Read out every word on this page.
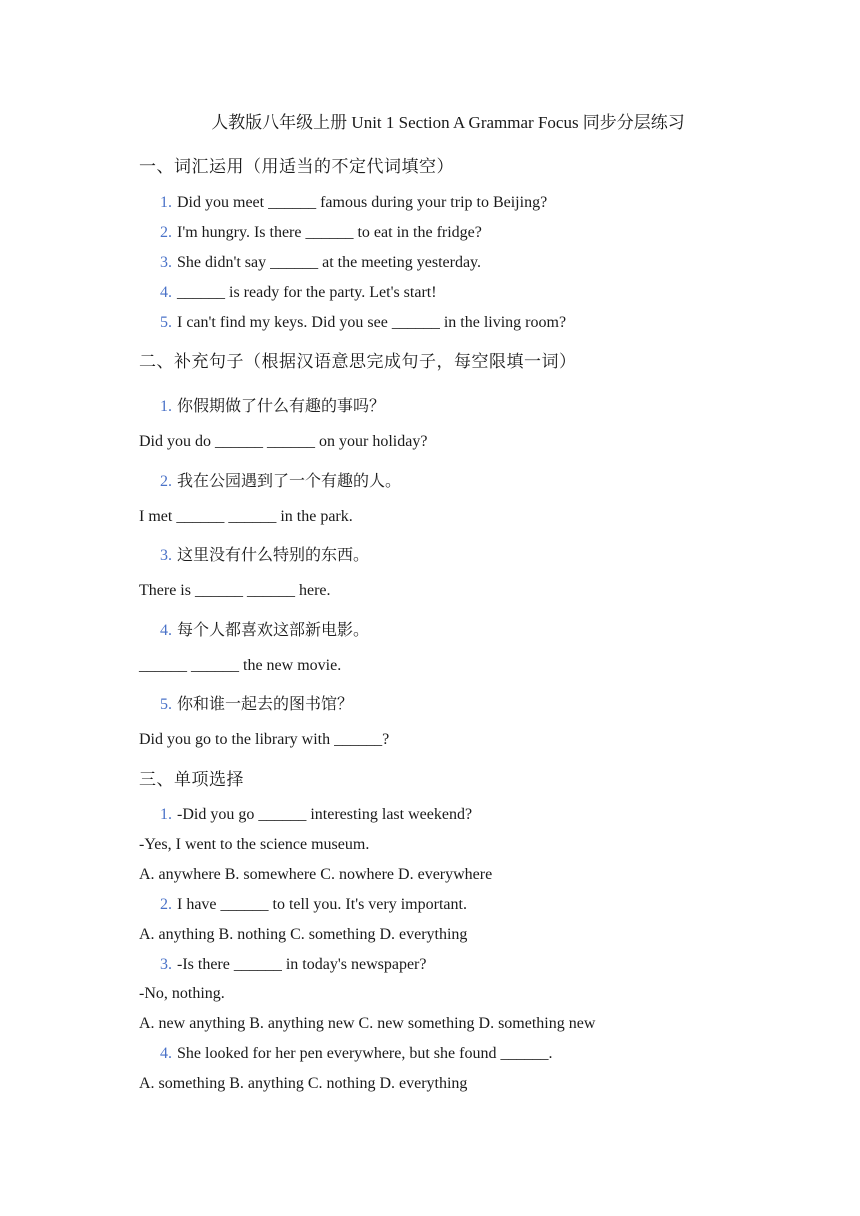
人教版八年级上册 Unit 1 Section A Grammar Focus 同步分层练习
一、词汇运用（用适当的不定代词填空）
1. Did you meet ______ famous during your trip to Beijing?
2. I'm hungry. Is there ______ to eat in the fridge?
3. She didn't say ______ at the meeting yesterday.
4. ______ is ready for the party. Let's start!
5. I can't find my keys. Did you see ______ in the living room?
二、补充句子（根据汉语意思完成句子，每空限填一词）
1. 你假期做了什么有趣的事吗？
Did you do ______ ______ on your holiday?
2. 我在公园遇到了一个有趣的人。
I met ______ ______ in the park.
3. 这里没有什么特别的东西。
There is ______ ______ here.
4. 每个人都喜欢这部新电影。
______ ______ the new movie.
5. 你和谁一起去的图书馆？
Did you go to the library with ______?
三、单项选择
1. -Did you go ______ interesting last weekend?
-Yes, I went to the science museum.
A. anywhere B. somewhere C. nowhere D. everywhere
2. I have ______ to tell you. It's very important.
A. anything B. nothing C. something D. everything
3. -Is there ______ in today's newspaper?
-No, nothing.
A. new anything B. anything new C. new something D. something new
4. She looked for her pen everywhere, but she found ______.
A. something B. anything C. nothing D. everything
